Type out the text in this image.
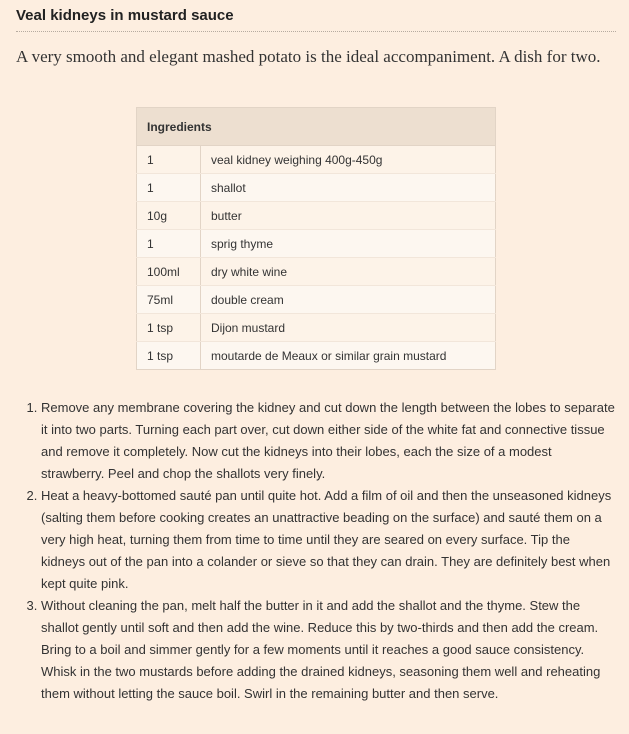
Veal kidneys in mustard sauce

A very smooth and elegant mashed potato is the ideal accompaniment. A dish for two.

Ingredients	
1	veal kidney weighing 400g-450g
1	shallot
10g	butter
1	sprig thyme
100ml	dry white wine
75ml	double cream
1 tsp	Dijon mustard
1 tsp	moutarde de Meaux or similar grain mustard
1. Remove any membrane covering the kidney and cut down the length between the lobes to separate it into two parts. Turning each part over, cut down either side of the white fat and connective tissue and remove it completely. Now cut the kidneys into their lobes, each the size of a modest strawberry. Peel and chop the shallots very finely.
2. Heat a heavy-bottomed sauté pan until quite hot. Add a film of oil and then the unseasoned kidneys (salting them before cooking creates an unattractive beading on the surface) and sauté them on a very high heat, turning them from time to time until they are seared on every surface. Tip the kidneys out of the pan into a colander or sieve so that they can drain. They are definitely best when kept quite pink.
3. Without cleaning the pan, melt half the butter in it and add the shallot and the thyme. Stew the shallot gently until soft and then add the wine. Reduce this by two-thirds and then add the cream. Bring to a boil and simmer gently for a few moments until it reaches a good sauce consistency. Whisk in the two mustards before adding the drained kidneys, seasoning them well and reheating them without letting the sauce boil. Swirl in the remaining butter and then serve.
